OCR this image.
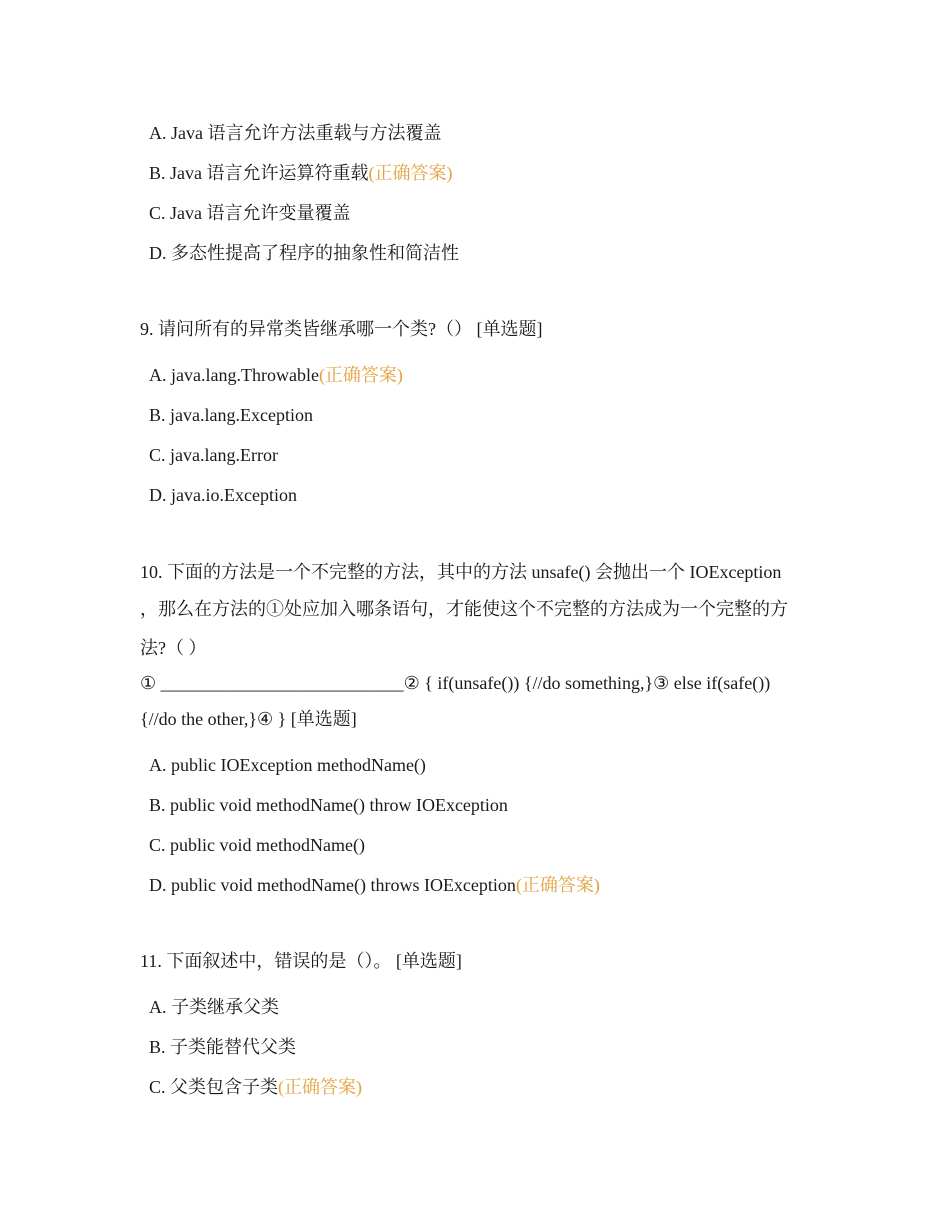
A. Java 语言允许方法重载与方法覆盖
B. Java 语言允许运算符重载(正确答案)
C. Java 语言允许变量覆盖
D. 多态性提高了程序的抽象性和简洁性
9. 请问所有的异常类皆继承哪一个类?（） [单选题]
A. java.lang.Throwable(正确答案)
B. java.lang.Exception
C. java.lang.Error
D. java.io.Exception
10. 下面的方法是一个不完整的方法，其中的方法 unsafe() 会抛出一个 IOException
，那么在方法的①处应加入哪条语句，才能使这个不完整的方法成为一个完整的方
法?（ ）
① ___________________________② { if(unsafe()) {//do something,}③ else if(safe())
{//do the other,}④ } [单选题]
A. public IOException methodName()
B. public void methodName() throw IOException
C. public void methodName()
D. public void methodName() throws IOException(正确答案)
11. 下面叙述中，错误的是（）。 [单选题]
A. 子类继承父类
B. 子类能替代父类
C. 父类包含子类(正确答案)
